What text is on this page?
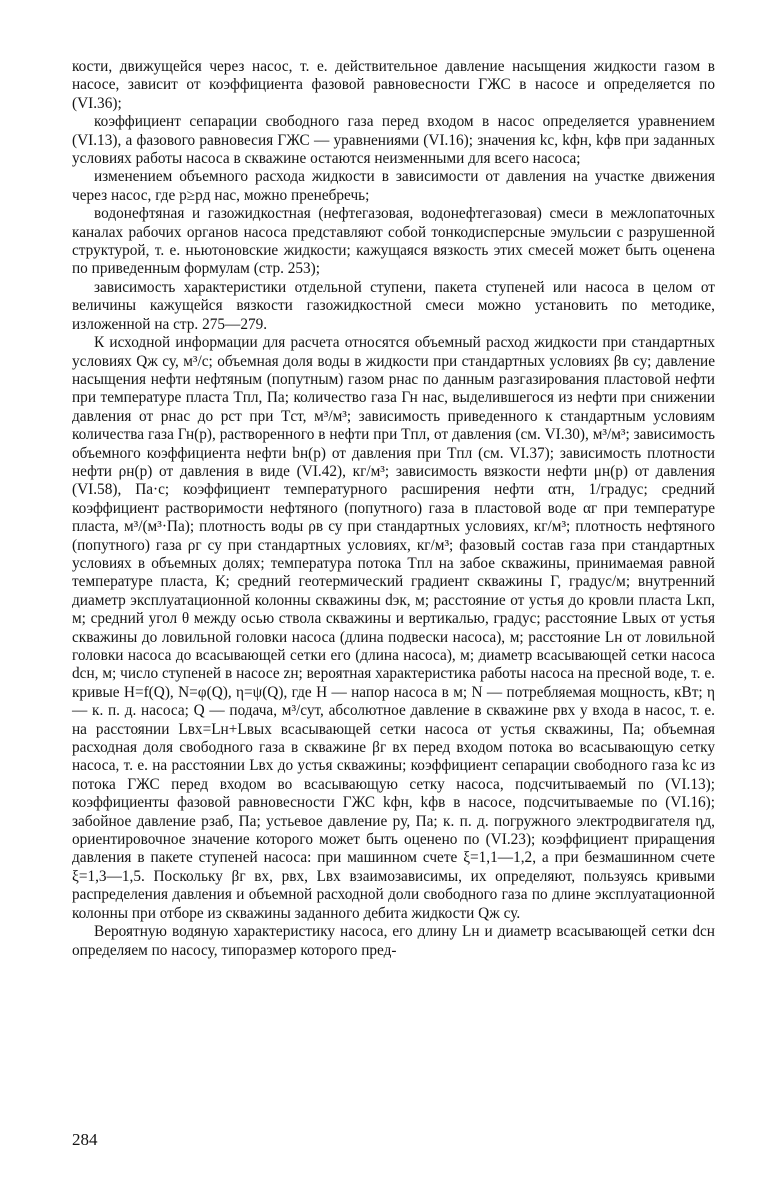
кости, движущейся через насос, т. е. действительное давление насыщения жидкости газом в насосе, зависит от коэффициента фазовой равновесности ГЖС в насосе и определяется по (VI.36);

коэффициент сепарации свободного газа перед входом в насос определяется уравнением (VI.13), а фазового равновесия ГЖС — уравнениями (VI.16); значения kс, kфн, kфв при заданных условиях работы насоса в скважине остаются неизменными для всего насоса;

изменением объемного расхода жидкости в зависимости от давления на участке движения через насос, где p≥pд нас, можно пренебречь;

водонефтяная и газожидкостная (нефтегазовая, водонефтегазовая) смеси в межлопаточных каналах рабочих органов насоса представляют собой тонкодисперсные эмульсии с разрушенной структурой, т. е. ньютоновские жидкости; кажущаяся вязкость этих смесей может быть оценена по приведенным формулам (стр. 253);

зависимость характеристики отдельной ступени, пакета ступеней или насоса в целом от величины кажущейся вязкости газожидкостной смеси можно установить по методике, изложенной на стр. 275—279.

К исходной информации для расчета относятся объемный расход жидкости при стандартных условиях Qж су, м³/с; объемная доля воды в жидкости при стандартных условиях βв су; давление насыщения нефти нефтяным (попутным) газом pнас по данным разгазирования пластовой нефти при температуре пласта Tпл, Па; количество газа Гн нас, выделившегося из нефти при снижении давления от pнас до pст при Tст, м³/м³; зависимость приведенного к стандартным условиям количества газа Гн(p), растворенного в нефти при Tпл, от давления (см. VI.30), м³/м³; зависимость объемного коэффициента нефти bн(p) от давления при Tпл (см. VI.37); зависимость плотности нефти ρн(p) от давления в виде (VI.42), кг/м³; зависимость вязкости нефти μн(p) от давления (VI.58), Па·с; коэффициент температурного расширения нефти αтн, 1/градус; средний коэффициент растворимости нефтяного (попутного) газа в пластовой воде αг при температуре пласта, м³/(м³·Па); плотность воды ρв су при стандартных условиях, кг/м³; плотность нефтяного (попутного) газа ρг су при стандартных условиях, кг/м³; фазовый состав газа при стандартных условиях в объемных долях; температура потока Tпл на забое скважины, принимаемая равной температуре пласта, К; средний геотермический градиент скважины Г, градус/м; внутренний диаметр эксплуатационной колонны скважины dэк, м; расстояние от устья до кровли пласта Lкп, м; средний угол θ между осью ствола скважины и вертикалью, градус; расстояние Lвых от устья скважины до ловильной головки насоса (длина подвески насоса), м; расстояние Lн от ловильной головки насоса до всасывающей сетки его (длина насоса), м; диаметр всасывающей сетки насоса dсн, м; число ступеней в насосе zн; вероятная характеристика работы насоса на пресной воде, т. е. кривые H=f(Q), N=φ(Q), η=ψ(Q), где H — напор насоса в м; N — потребляемая мощность, кВт; η — к. п. д. насоса; Q — подача, м³/сут, абсолютное давление в скважине pвх у входа в насос, т. е. на расстоянии Lвх=Lн+Lвых всасывающей сетки насоса от устья скважины, Па; объемная расходная доля свободного газа в скважине βг вх перед входом потока во всасывающую сетку насоса, т. е. на расстоянии Lвх до устья скважины; коэффициент сепарации свободного газа kс из потока ГЖС перед входом во всасывающую сетку насоса, подсчитываемый по (VI.13); коэффициенты фазовой равновесности ГЖС kфн, kфв в насосе, подсчитываемые по (VI.16); забойное давление pзаб, Па; устьевое давление pу, Па; к. п. д. погружного электродвигателя ηд, ориентировочное значение которого может быть оценено по (VI.23); коэффициент приращения давления в пакете ступеней насоса: при машинном счете ξ=1,1—1,2, а при безмашинном счете ξ=1,3—1,5. Поскольку βг вх, pвх, Lвх взаимозависимы, их определяют, пользуясь кривыми распределения давления и объемной расходной доли свободного газа по длине эксплуатационной колонны при отборе из скважины заданного дебита жидкости Qж су.

Вероятную водяную характеристику насоса, его длину Lн и диаметр всасывающей сетки dсн определяем по насосу, типоразмер которого пред-

284
